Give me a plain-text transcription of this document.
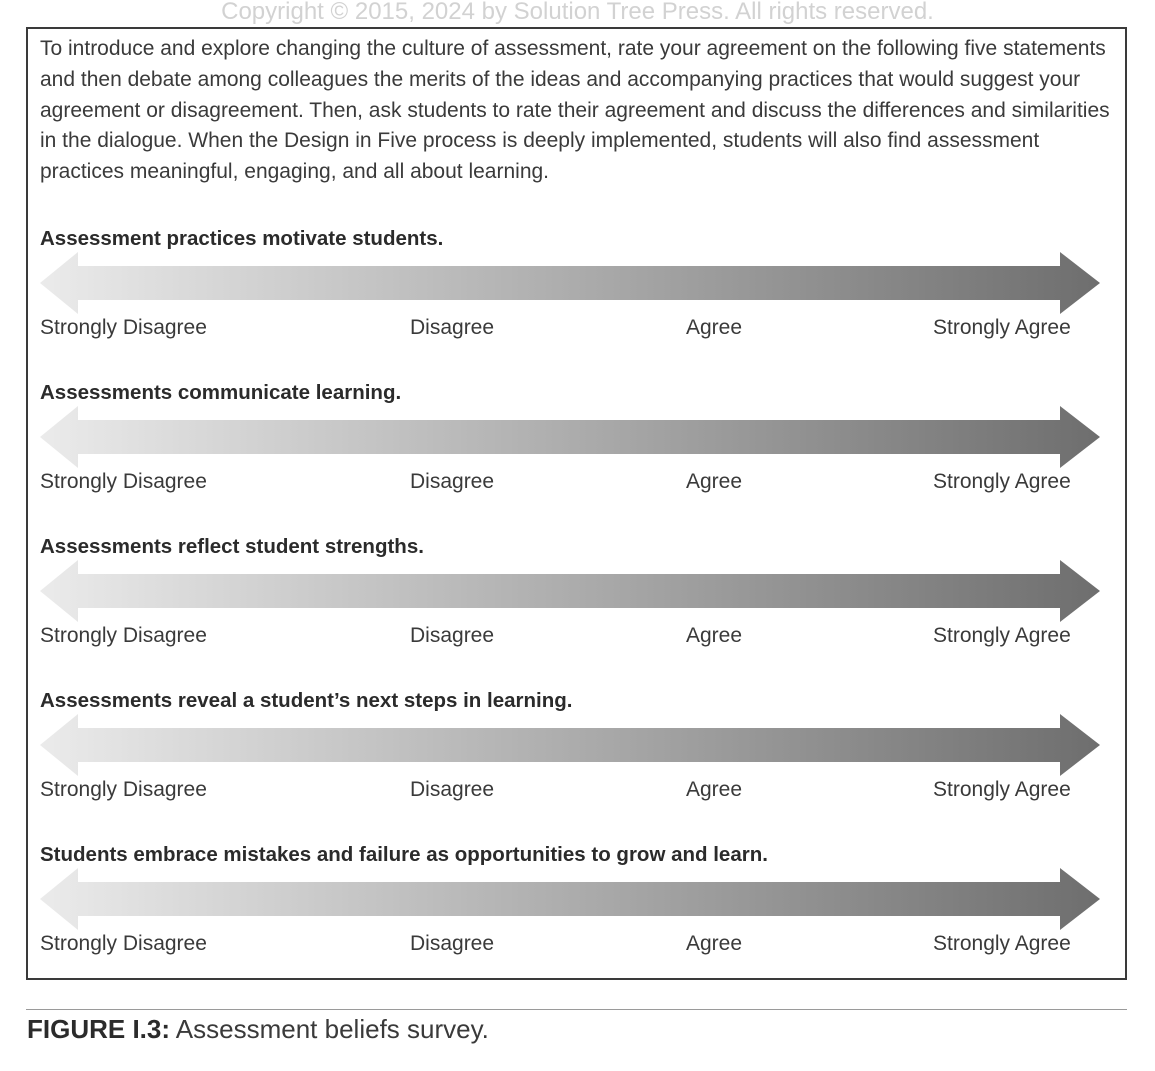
Copyright © 2015, 2024 by Solution Tree Press. All rights reserved.

To introduce and explore changing the culture of assessment, rate your agreement on the following five statements and then debate among colleagues the merits of the ideas and accompanying practices that would suggest your agreement or disagreement. Then, ask students to rate their agreement and discuss the differences and similarities in the dialogue. When the Design in Five process is deeply implemented, students will also find assessment practices meaningful, engaging, and all about learning.

Assessment practices motivate students.
Strongly Disagree	Disagree	Agree	Strongly Agree
Assessments communicate learning.
Strongly Disagree	Disagree	Agree	Strongly Agree
Assessments reflect student strengths.
Strongly Disagree	Disagree	Agree	Strongly Agree
Assessments reveal a student’s next steps in learning.
Strongly Disagree	Disagree	Agree	Strongly Agree
Students embrace mistakes and failure as opportunities to grow and learn.
Strongly Disagree	Disagree	Agree	Strongly Agree
FIGURE I.3: Assessment beliefs survey.
